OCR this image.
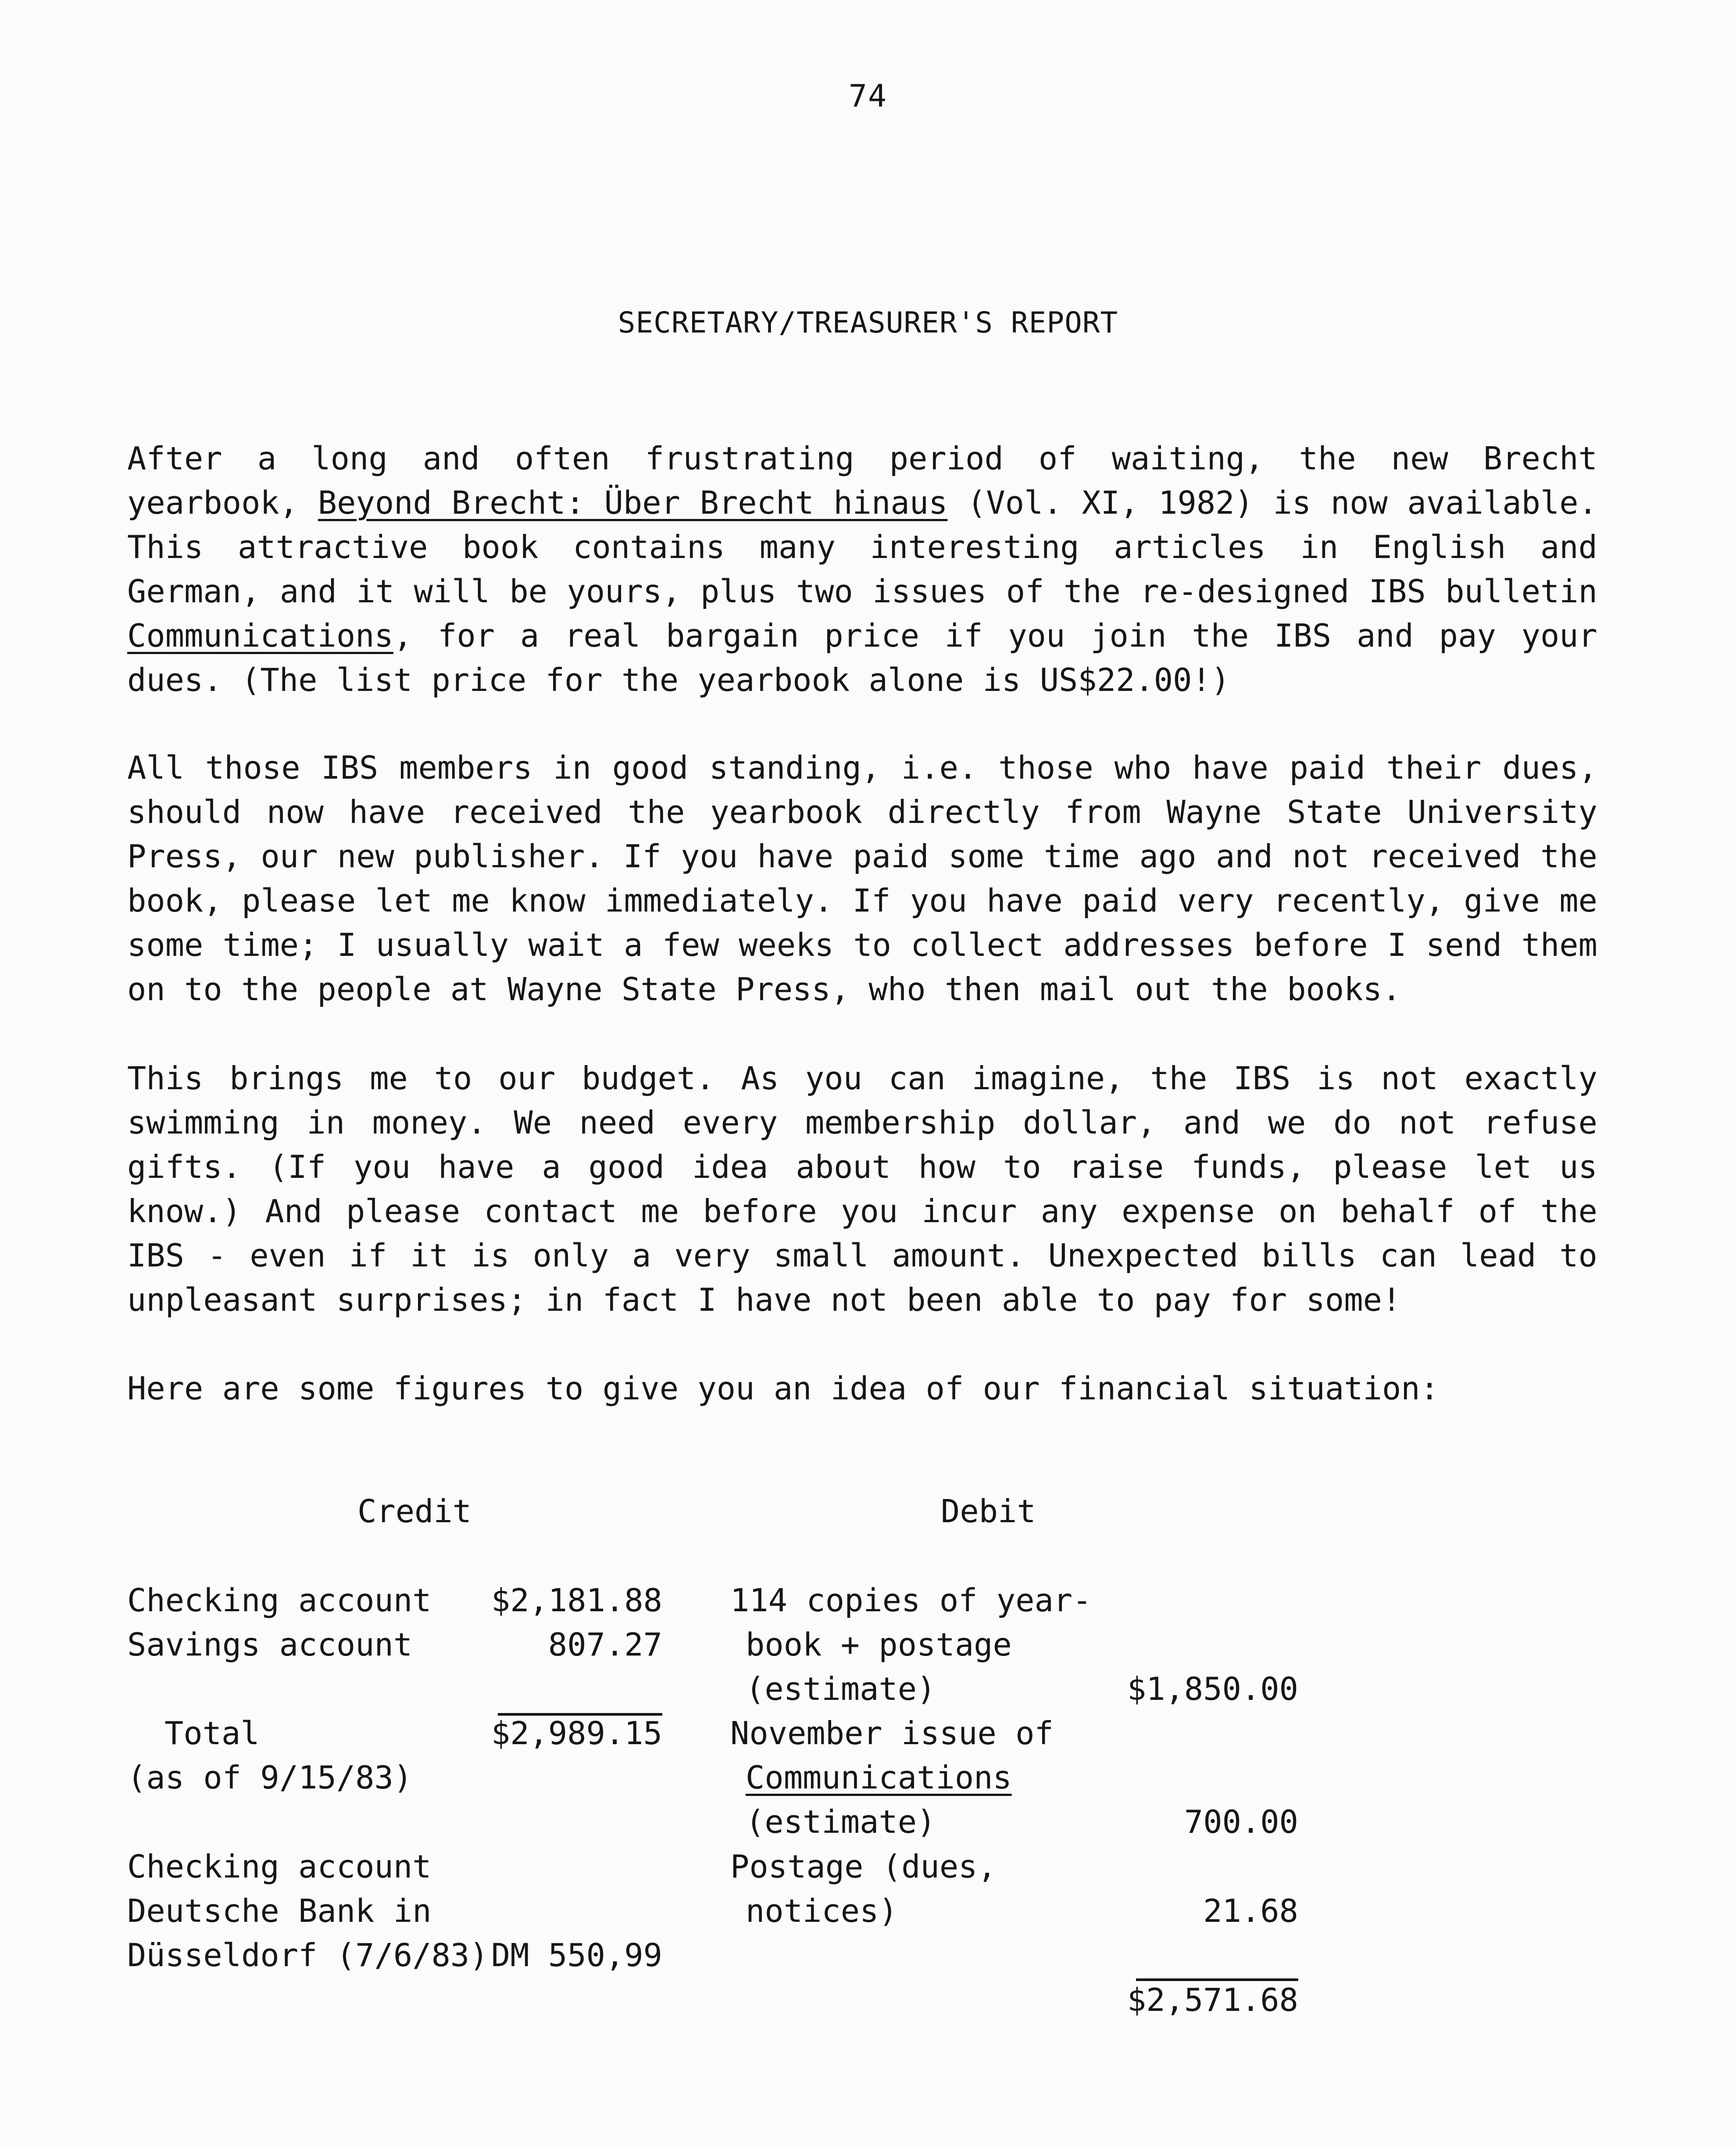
74
SECRETARY/TREASURER'S REPORT

After a long and often frustrating period of waiting, the new Brecht yearbook, Beyond Brecht: Über Brecht hinaus (Vol. XI, 1982) is now available. This attractive book contains many interesting articles in English and German, and it will be yours, plus two issues of the re-designed IBS bulletin Communications, for a real bargain price if you join the IBS and pay your dues. (The list price for the yearbook alone is US$22.00!)

All those IBS members in good standing, i.e. those who have paid their dues, should now have received the yearbook directly from Wayne State University Press, our new publisher. If you have paid some time ago and not received the book, please let me know immediately. If you have paid very recently, give me some time; I usually wait a few weeks to collect addresses before I send them on to the people at Wayne State Press, who then mail out the books.

This brings me to our budget. As you can imagine, the IBS is not exactly swimming in money. We need every membership dollar, and we do not refuse gifts. (If you have a good idea about how to raise funds, please let us know.) And please contact me before you incur any expense on behalf of the IBS - even if it is only a very small amount. Unexpected bills can lead to unpleasant surprises; in fact I have not been able to pay for some!

Here are some figures to give you an idea of our financial situation:

Credit	Debit
Checking account $2,181.88
Savings account	807.27
Total	$2,989.15
(as of 9/15/83)
Checking account
Deutsche Bank in
Düsseldorf (7/6/83) DM 550,99
114 copies of year-
book + postage
(estimate)	$1,850.00
November issue of
Communications
(estimate)	700.00
Postage (dues,
notices)	21.68
$2,571.68
